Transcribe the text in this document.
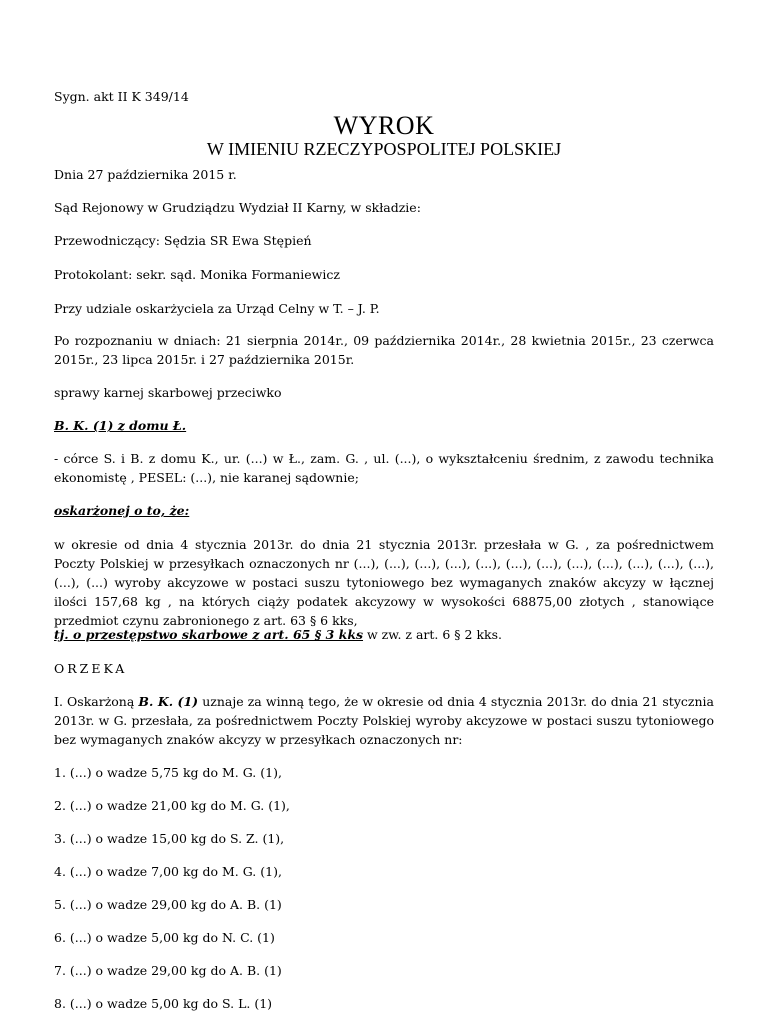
Sygn. akt II K 349/14
WYROK
W IMIENIU RZECZYPOSPOLITEJ POLSKIEJ

Dnia 27 października 2015 r.

Sąd Rejonowy w Grudziądzu Wydział II Karny, w składzie:

Przewodniczący: Sędzia SR Ewa Stępień

Protokolant: sekr. sąd. Monika Formaniewicz

Przy udziale oskarżyciela za Urząd Celny w T. – J. P.

Po rozpoznaniu w dniach: 21 sierpnia 2014r., 09 października 2014r., 28 kwietnia 2015r., 23 czerwca 2015r., 23 lipca 2015r. i 27 października 2015r.

sprawy karnej skarbowej przeciwko

B. K. (1) z domu Ł.

- córce S. i B. z domu K., ur. (...) w Ł., zam. G. , ul. (...), o wykształceniu średnim, z zawodu technika ekonomistę , PESEL: (...), nie karanej sądownie;

oskarżonej o to, że:

w okresie od dnia 4 stycznia 2013r. do dnia 21 stycznia 2013r. przesłała w G. , za pośrednictwem Poczty Polskiej w przesyłkach oznaczonych nr (...), (...), (...), (...), (...), (...), (...), (...), (...), (...), (...), (...), (...), (...) wyroby akcyzowe w postaci suszu tytoniowego bez wymaganych znaków akcyzy w łącznej ilości 157,68 kg , na których ciąży podatek akcyzowy w wysokości 68875,00 złotych , stanowiące przedmiot czynu zabronionego z art. 63 § 6 kks,

tj. o przestępstwo skarbowe z art. 65 § 3 kks w zw. z art. 6 § 2 kks.

ORZEKA

I. Oskarżoną B. K. (1) uznaje za winną tego, że w okresie od dnia 4 stycznia 2013r. do dnia 21 stycznia 2013r. w G. przesłała, za pośrednictwem Poczty Polskiej wyroby akcyzowe w postaci suszu tytoniowego bez wymaganych znaków akcyzy w przesyłkach oznaczonych nr:

1. (...) o wadze 5,75 kg do M. G. (1),

2. (...) o wadze 21,00 kg do M. G. (1),

3. (...) o wadze 15,00 kg do S. Z. (1),

4. (...) o wadze 7,00 kg do M. G. (1),

5. (...) o wadze 29,00 kg do A. B. (1)

6. (...) o wadze 5,00 kg do N. C. (1)

7. (...) o wadze 29,00 kg do A. B. (1)

8. (...) o wadze 5,00 kg do S. L. (1)
